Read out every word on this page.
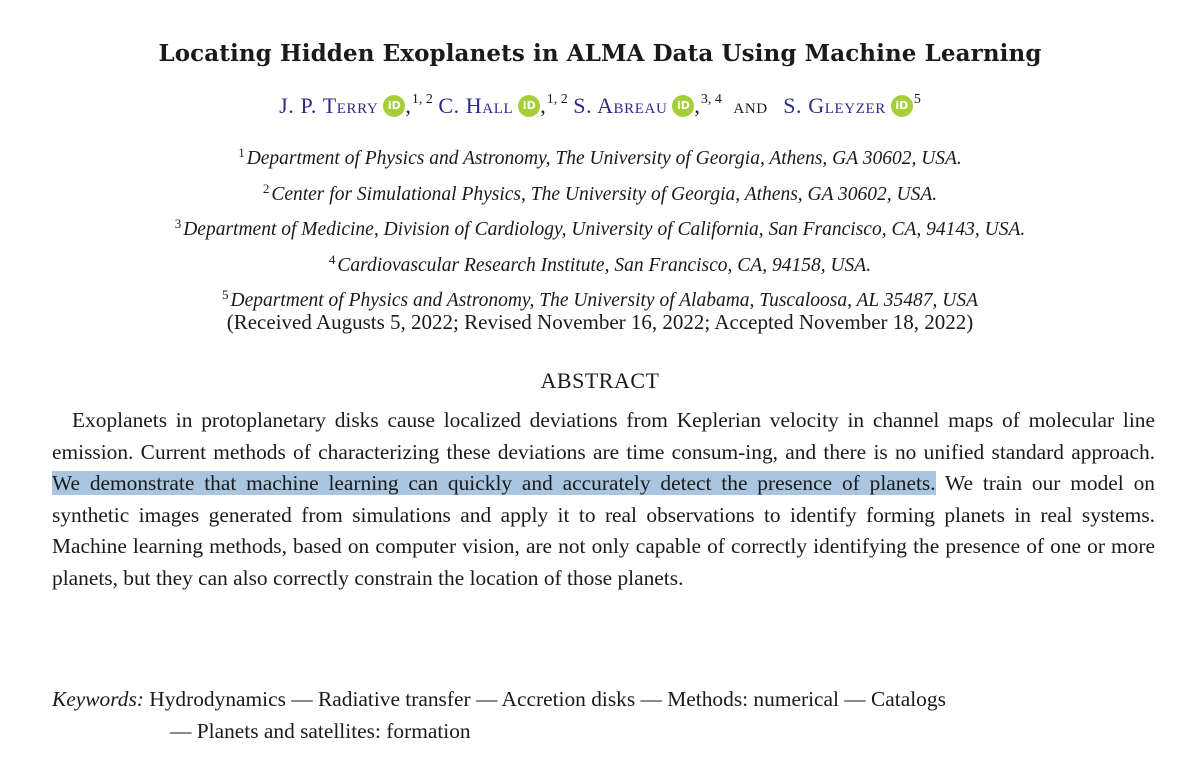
Locating Hidden Exoplanets in ALMA Data Using Machine Learning
J. P. Terry iD ,$^{1, 2}$ C. Hall iD ,$^{1, 2}$ S. Abreau iD ,$^{3, 4}$ and S. Gleyzer iD $^5$
$^1$ Department of Physics and Astronomy, The University of Georgia, Athens, GA 30602, USA.
$^2$ Center for Simulational Physics, The University of Georgia, Athens, GA 30602, USA.
$^3$ Department of Medicine, Division of Cardiology, University of California, San Francisco, CA, 94143, USA.
$^4$ Cardiovascular Research Institute, San Francisco, CA, 94158, USA.
$^5$ Department of Physics and Astronomy, The University of Alabama, Tuscaloosa, AL 35487, USA
(Received Augusts 5, 2022; Revised November 16, 2022; Accepted November 18, 2022)
ABSTRACT
Exoplanets in protoplanetary disks cause localized deviations from Keplerian velocity in channel maps of molecular line emission. Current methods of characterizing these deviations are time consum-ing, and there is no unified standard approach. We demonstrate that machine learning can quickly and accurately detect the presence of planets. We train our model on synthetic images generated from simulations and apply it to real observations to identify forming planets in real systems. Machine learning methods, based on computer vision, are not only capable of correctly identifying the presence of one or more planets, but they can also correctly constrain the location of those planets.
Keywords: Hydrodynamics — Radiative transfer — Accretion disks — Methods: numerical — Catalogs
— Planets and satellites: formation
